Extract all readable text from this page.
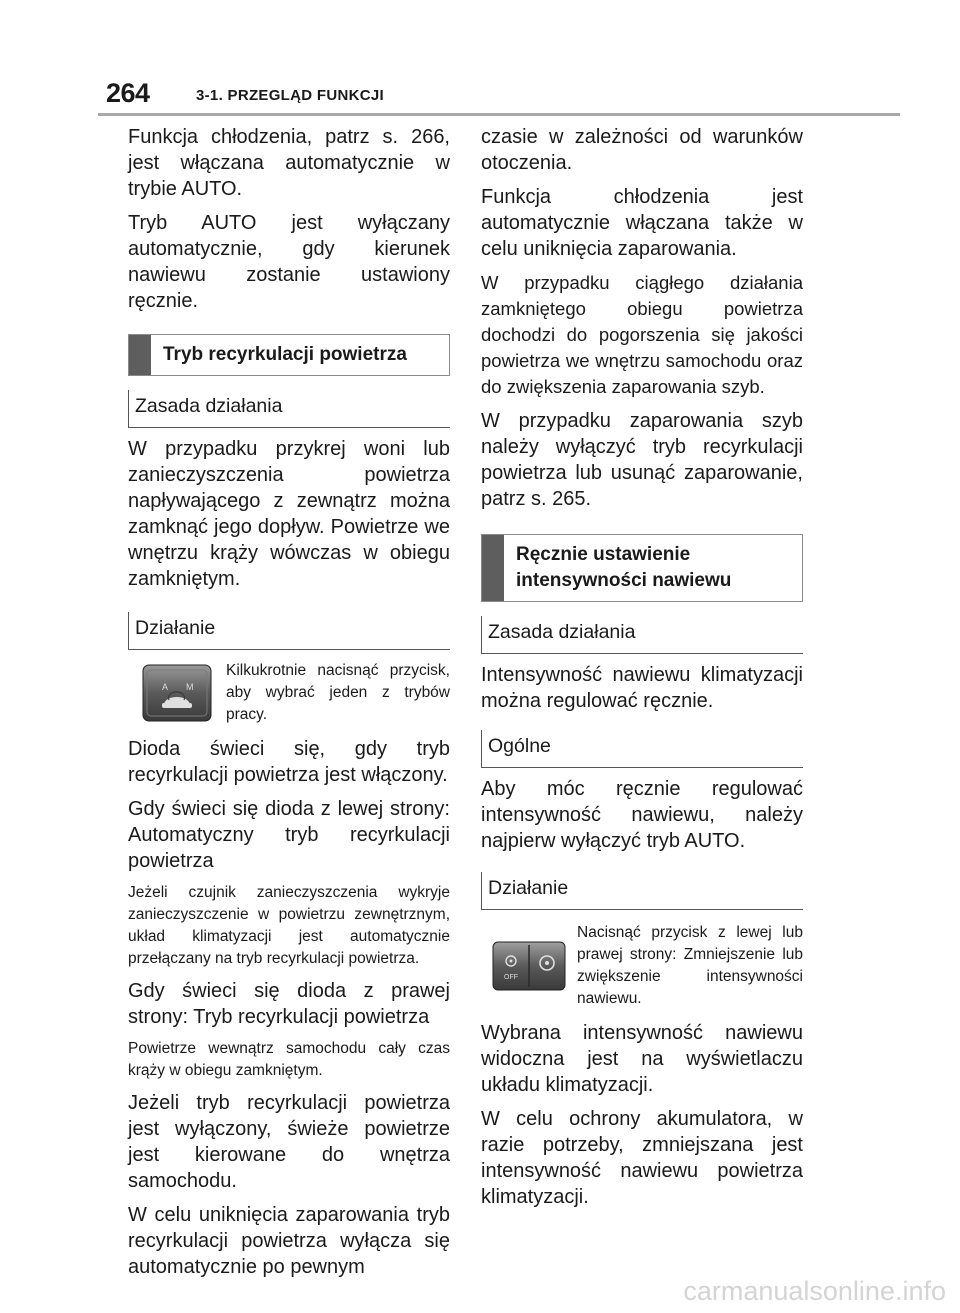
264	3-1. PRZEGLĄD FUNKCJI

Funkcja chłodzenia, patrz s. 266, jest włączana automatycznie w trybie AUTO.

Tryb AUTO jest wyłączany automatycznie, gdy kierunek nawiewu zostanie ustawiony ręcznie.

Tryb recyrkulacji powietrza
Zasada działania

W przypadku przykrej woni lub zanieczyszczenia powietrza napływającego z zewnątrz można zamknąć jego dopływ. Powietrze we wnętrzu krąży wówczas w obiegu zamkniętym.

Działanie
A M
Kilkukrotnie nacisnąć przycisk, aby wybrać jeden z trybów pracy.

Dioda świeci się, gdy tryb recyrkulacji powietrza jest włączony.

Gdy świeci się dioda z lewej strony: Automatyczny tryb recyrkulacji powietrza

Jeżeli czujnik zanieczyszczenia wykryje zanieczyszczenie w powietrzu zewnętrznym, układ klimatyzacji jest automatycznie przełączany na tryb recyrkulacji powietrza.

Gdy świeci się dioda z prawej strony: Tryb recyrkulacji powietrza

Powietrze wewnątrz samochodu cały czas krąży w obiegu zamkniętym.

Jeżeli tryb recyrkulacji powietrza jest wyłączony, świeże powietrze jest kierowane do wnętrza samochodu.

W celu uniknięcia zaparowania tryb recyrkulacji powietrza wyłącza się automatycznie po pewnym

czasie w zależności od warunków otoczenia.

Funkcja chłodzenia jest automatycznie włączana także w celu uniknięcia zaparowania.

W przypadku ciągłego działania zamkniętego obiegu powietrza dochodzi do pogorszenia się jakości powietrza we wnętrzu samochodu oraz do zwiększenia zaparowania szyb.

W przypadku zaparowania szyb należy wyłączyć tryb recyrkulacji powietrza lub usunąć zaparowanie, patrz s. 265.

Ręcznie ustawienie intensywności nawiewu
Zasada działania

Intensywność nawiewu klimatyzacji można regulować ręcznie.

Ogólne

Aby móc ręcznie regulować intensywność nawiewu, należy najpierw wyłączyć tryb AUTO.

Działanie
OFF
Nacisnąć przycisk z lewej lub prawej strony: Zmniejszenie lub zwiększenie intensywności nawiewu.

Wybrana intensywność nawiewu widoczna jest na wyświetlaczu układu klimatyzacji.

W celu ochrony akumulatora, w razie potrzeby, zmniejszana jest intensywność nawiewu powietrza klimatyzacji.

carmanualsonline.info
